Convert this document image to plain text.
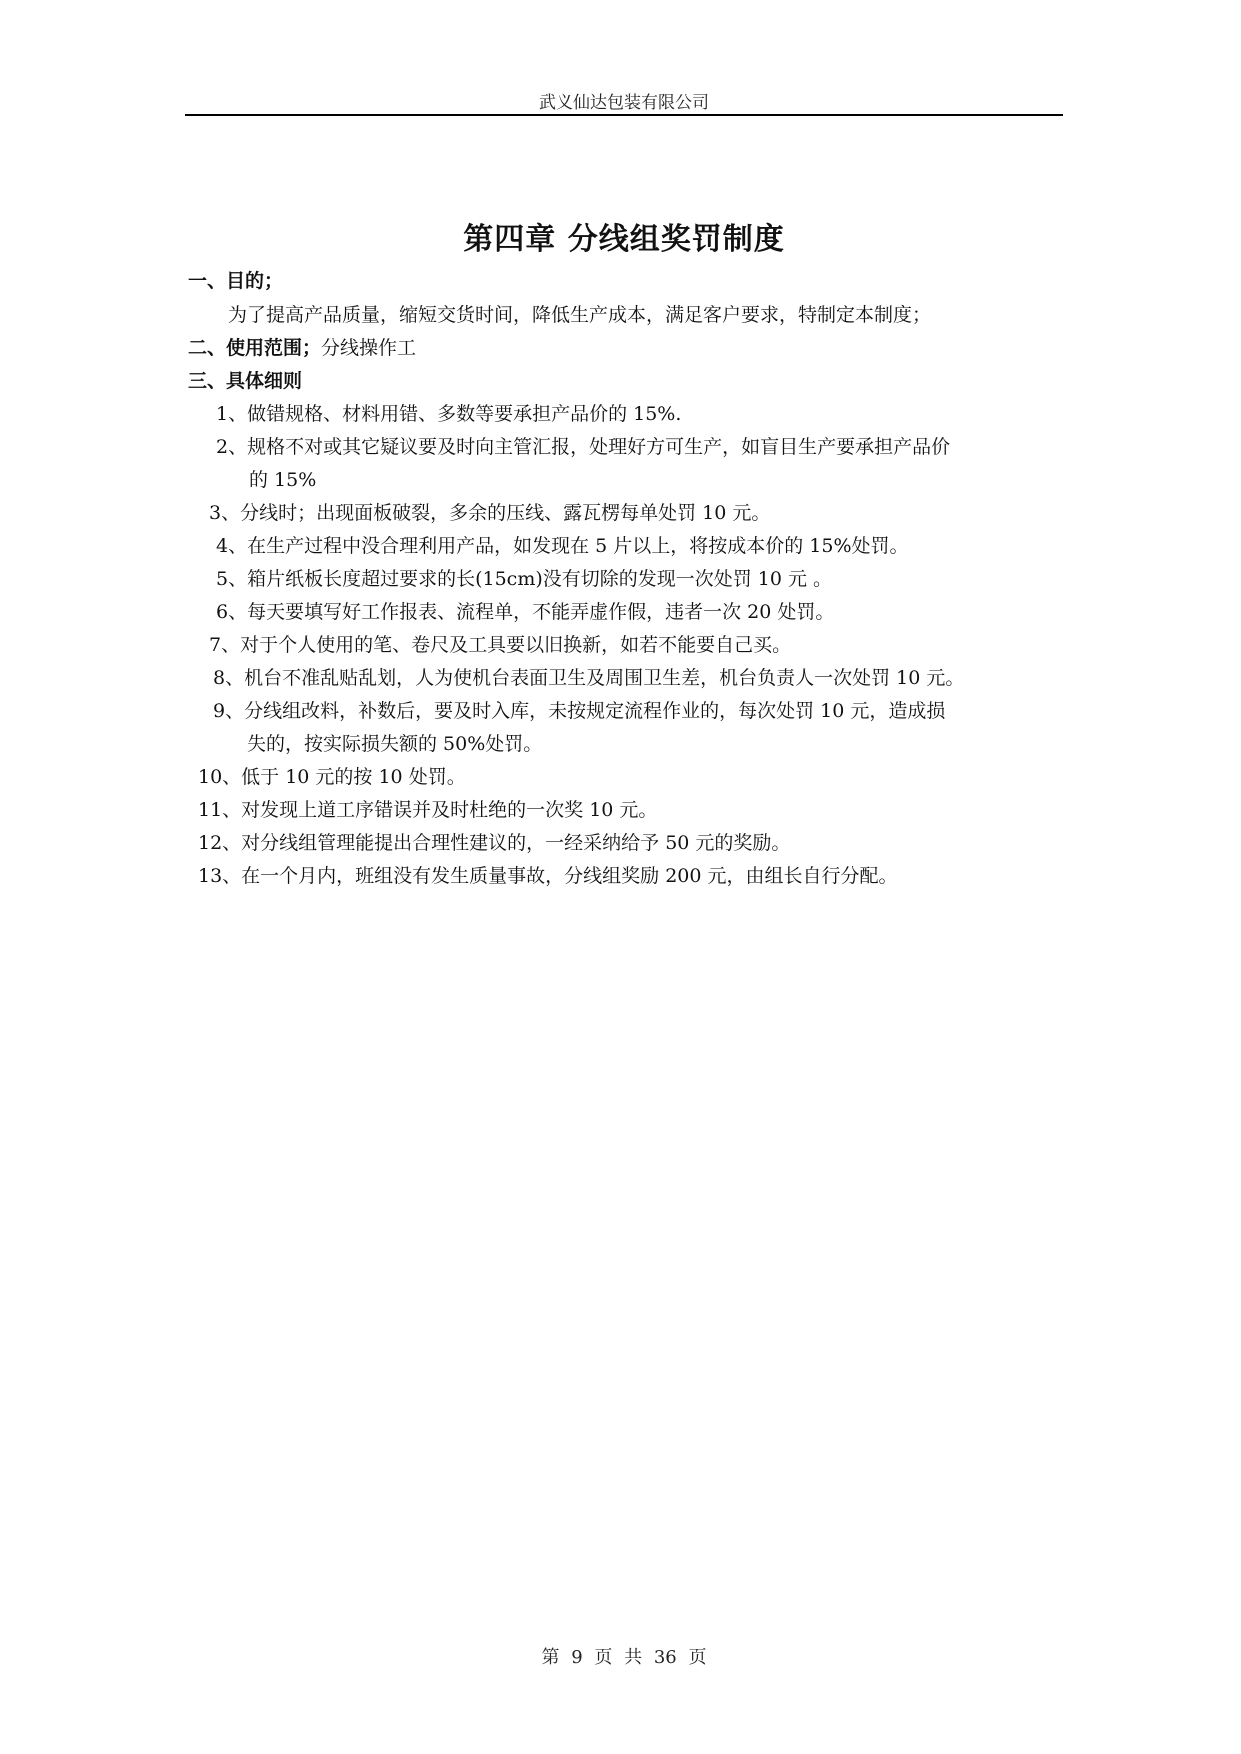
武义仙达包装有限公司
第四章 分线组奖罚制度
一、目的；
为了提高产品质量，缩短交货时间，降低生产成本，满足客户要求，特制定本制度；
二、使用范围；分线操作工
三、具体细则
1、做错规格、材料用错、多数等要承担产品价的 15%.
2、规格不对或其它疑议要及时向主管汇报，处理好方可生产，如盲目生产要承担产品价
的 15%
3、分线时；出现面板破裂，多余的压线、露瓦楞每单处罚 10 元。
4、在生产过程中没合理利用产品，如发现在 5 片以上，将按成本价的 15%处罚。
5、箱片纸板长度超过要求的长(15cm)没有切除的发现一次处罚 10 元 。
6、每天要填写好工作报表、流程单，不能弄虚作假，违者一次 20 处罚。
7、对于个人使用的笔、卷尺及工具要以旧换新，如若不能要自己买。
8、机台不准乱贴乱划，人为使机台表面卫生及周围卫生差，机台负责人一次处罚 10 元。
9、分线组改料，补数后，要及时入库，未按规定流程作业的，每次处罚 10 元，造成损
失的，按实际损失额的 50%处罚。
10、低于 10 元的按 10 处罚。
11、对发现上道工序错误并及时杜绝的一次奖 10 元。
12、对分线组管理能提出合理性建议的，一经采纳给予 50 元的奖励。
13、在一个月内，班组没有发生质量事故，分线组奖励 200 元，由组长自行分配。
第 9 页 共 36 页
